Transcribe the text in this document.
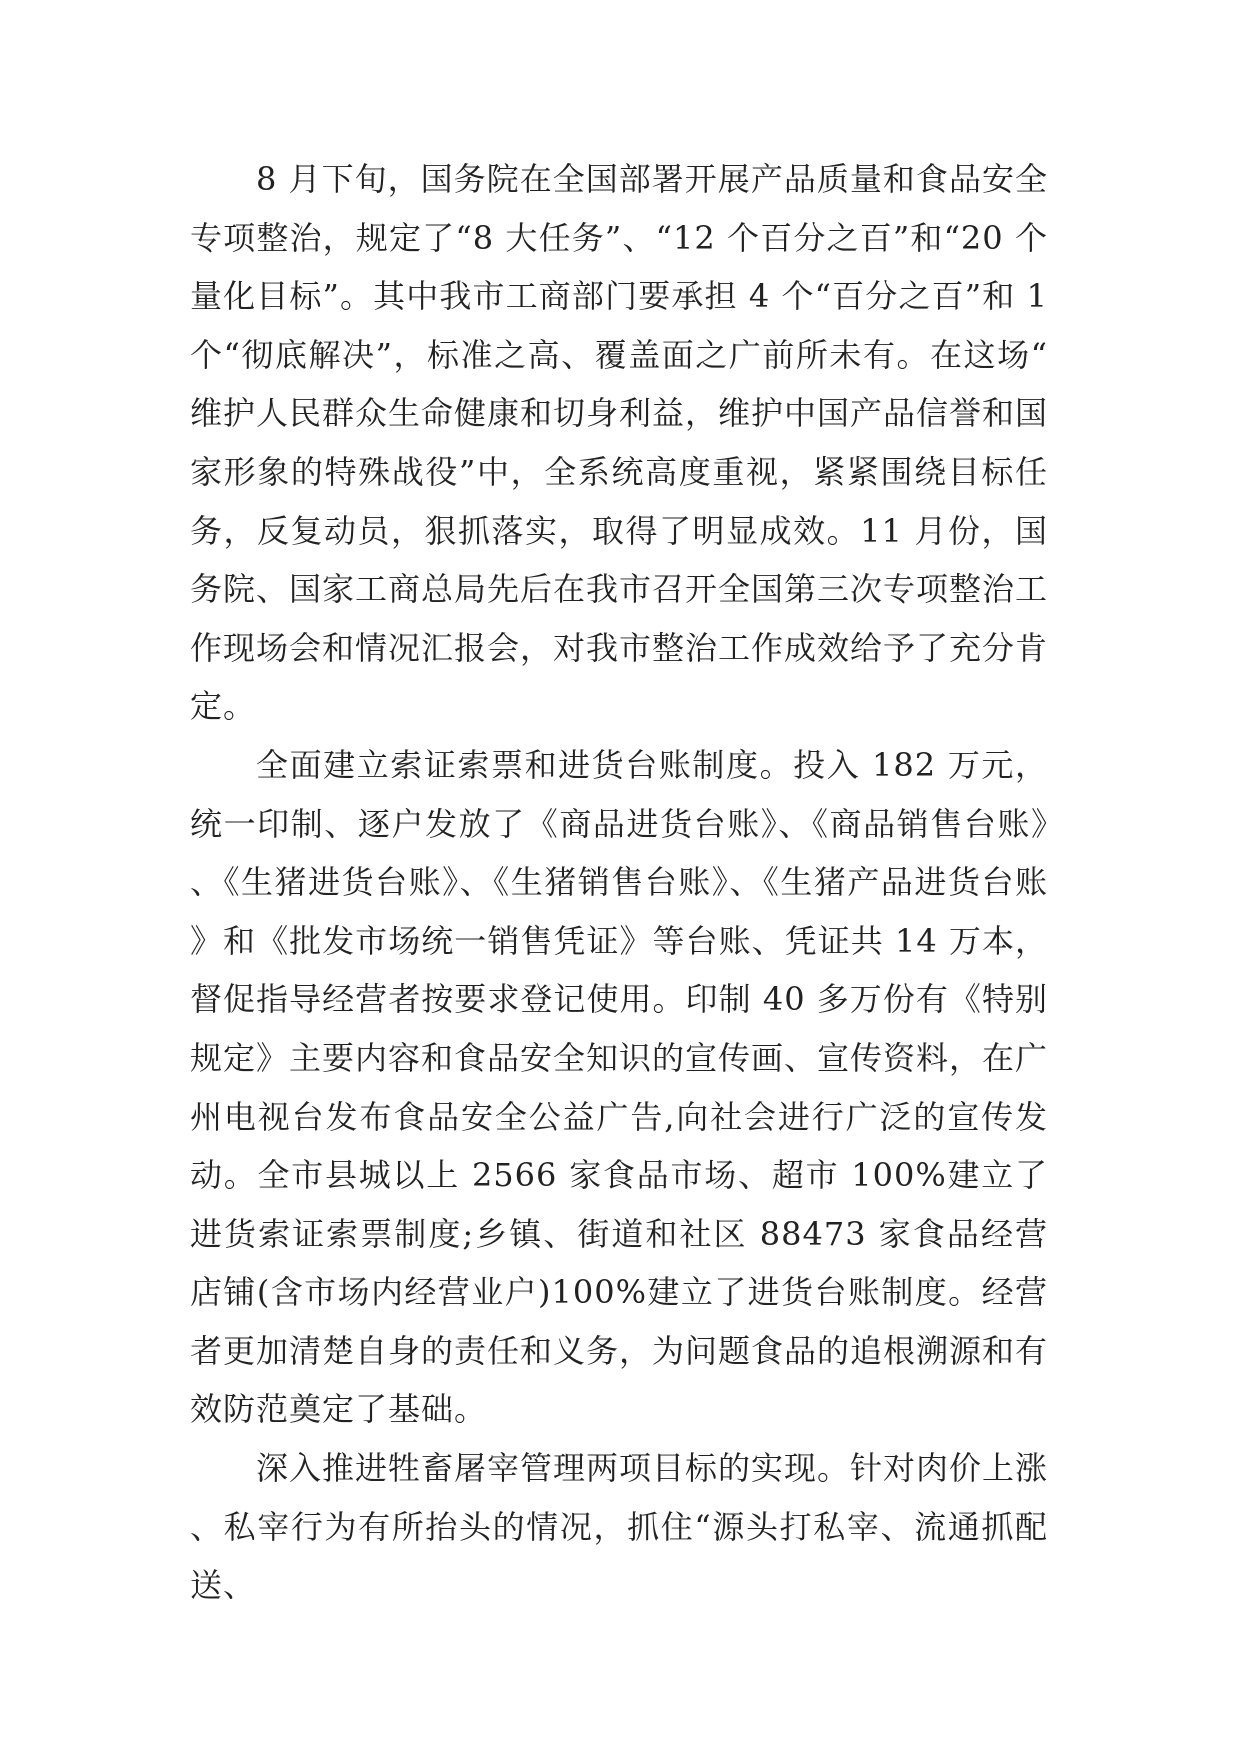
8 月下旬，国务院在全国部署开展产品质量和食品安全专项整治，规定了“8 大任务”、“12 个百分之百”和“20 个量化目标”。其中我市工商部门要承担 4 个“百分之百”和 1 个“彻底解决”，标准之高、覆盖面之广前所未有。在这场“维护人民群众生命健康和切身利益，维护中国产品信誉和国家形象的特殊战役”中，全系统高度重视，紧紧围绕目标任务，反复动员，狠抓落实，取得了明显成效。11 月份，国务院、国家工商总局先后在我市召开全国第三次专项整治工作现场会和情况汇报会，对我市整治工作成效给予了充分肯定。

全面建立索证索票和进货台账制度。投入 182 万元，统一印制、逐户发放了《商品进货台账》、《商品销售台账》、《生猪进货台账》、《生猪销售台账》、《生猪产品进货台账》和《批发市场统一销售凭证》等台账、凭证共 14 万本，督促指导经营者按要求登记使用。印制 40 多万份有《特别规定》主要内容和食品安全知识的宣传画、宣传资料，在广州电视台发布食品安全公益广告,向社会进行广泛的宣传发动。全市县城以上 2566 家食品市场、超市 100%建立了进货索证索票制度;乡镇、街道和社区 88473 家食品经营店铺(含市场内经营业户)100%建立了进货台账制度。经营者更加清楚自身的责任和义务，为问题食品的追根溯源和有效防范奠定了基础。

深入推进牲畜屠宰管理两项目标的实现。针对肉价上涨、私宰行为有所抬头的情况，抓住“源头打私宰、流通抓配送、
